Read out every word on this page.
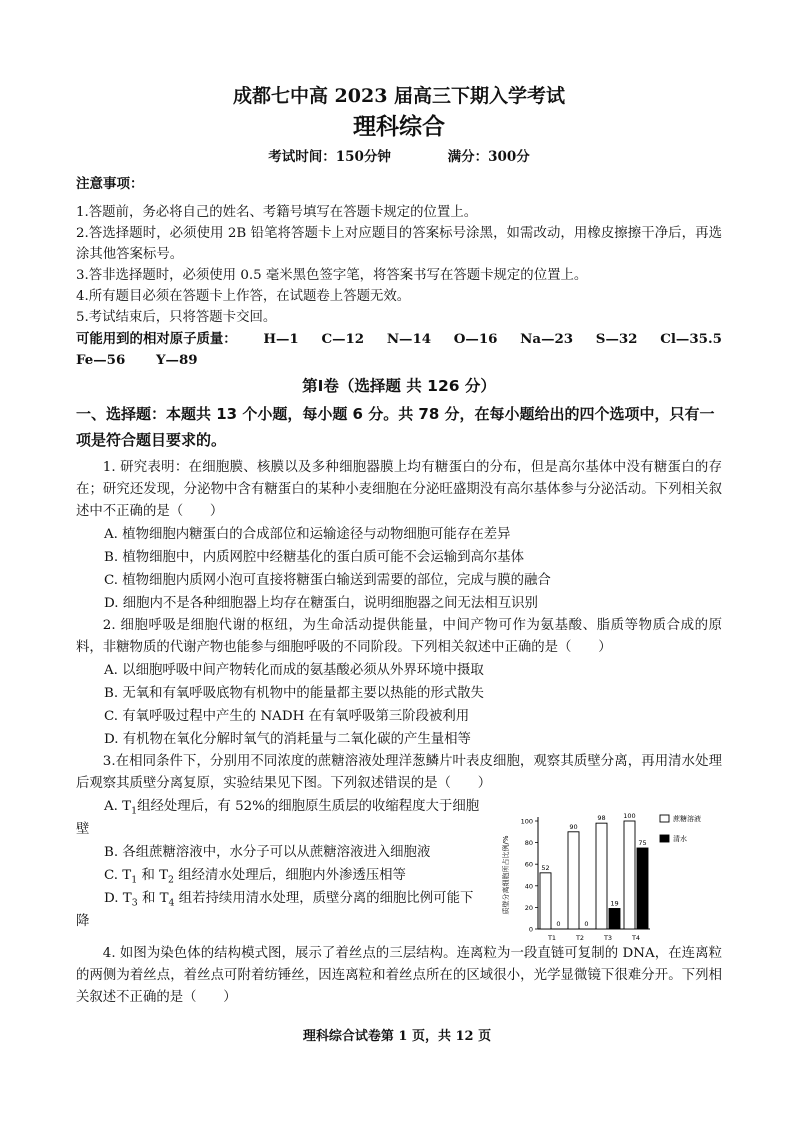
成都七中高 2023 届高三下期入学考试
理科综合
考试时间：150分钟	满分：300分
注意事项：

1.答题前，务必将自己的姓名、考籍号填写在答题卡规定的位置上。

2.答选择题时，必须使用 2B 铅笔将答题卡上对应题目的答案标号涂黑，如需改动，用橡皮擦擦干净后，再选涂其他答案标号。

3.答非选择题时，必须使用 0.5 毫米黑色签字笔，将答案书写在答题卡规定的位置上。

4.所有题目必须在答题卡上作答，在试题卷上答题无效。

5.考试结束后，只将答题卡交回。

可能用到的相对原子质量： H—1 C—12 N—14 O—16 Na—23 S—32 Cl—35.5
Fe—56 Y—89
第Ⅰ卷（选择题 共 126 分）
一、选择题：本题共 13 个小题，每小题 6 分。共 78 分，在每小题给出的四个选项中，只有一项是符合题目要求的。

1. 研究表明：在细胞膜、核膜以及多种细胞器膜上均有糖蛋白的分布，但是高尔基体中没有糖蛋白的存在；研究还发现，分泌物中含有糖蛋白的某种小麦细胞在分泌旺盛期没有高尔基体参与分泌活动。下列相关叙述中不正确的是（　　）

A. 植物细胞内糖蛋白的合成部位和运输途径与动物细胞可能存在差异

B. 植物细胞中，内质网腔中经糖基化的蛋白质可能不会运输到高尔基体

C. 植物细胞内质网小泡可直接将糖蛋白输送到需要的部位，完成与膜的融合

D. 细胞内不是各种细胞器上均存在糖蛋白，说明细胞器之间无法相互识别

2. 细胞呼吸是细胞代谢的枢纽，为生命活动提供能量，中间产物可作为氨基酸、脂质等物质合成的原料，非糖物质的代谢产物也能参与细胞呼吸的不同阶段。下列相关叙述中正确的是（　　）

A. 以细胞呼吸中间产物转化而成的氨基酸必须从外界环境中摄取

B. 无氧和有氧呼吸底物有机物中的能量都主要以热能的形式散失

C. 有氧呼吸过程中产生的 NADH 在有氧呼吸第三阶段被利用

D. 有机物在氧化分解时氧气的消耗量与二氧化碳的产生量相等

3.在相同条件下，分别用不同浓度的蔗糖溶液处理洋葱鳞片叶表皮细胞，观察其质壁分离，再用清水处理后观察其质壁分离复原，实验结果见下图。下列叙述错误的是（　　）

A. $T_1$组经处理后，有 52%的细胞原生质层的收缩程度大于细胞壁

B. 各组蔗糖溶液中，水分子可以从蔗糖溶液进入细胞液

C. $T_1$ 和 $T_2$ 组经清水处理后，细胞内外渗透压相等

D. $T_3$ 和 $T_4$ 组若持续用清水处理，质壁分离的细胞比例可能下降

0
20
40
60
80
100
质壁分离细胞所占比例/%	52
0
T1
90
0
T2
98
19
T3
100
75
T4
蔗糖溶液
清水

4. 如图为染色体的结构模式图，展示了着丝点的三层结构。连离粒为一段直链可复制的 DNA，在连离粒的两侧为着丝点，着丝点可附着纺锤丝，因连离粒和着丝点所在的区域很小，光学显微镜下很难分开。下列相关叙述不正确的是（　　）

理科综合试卷第 1 页，共 12 页
